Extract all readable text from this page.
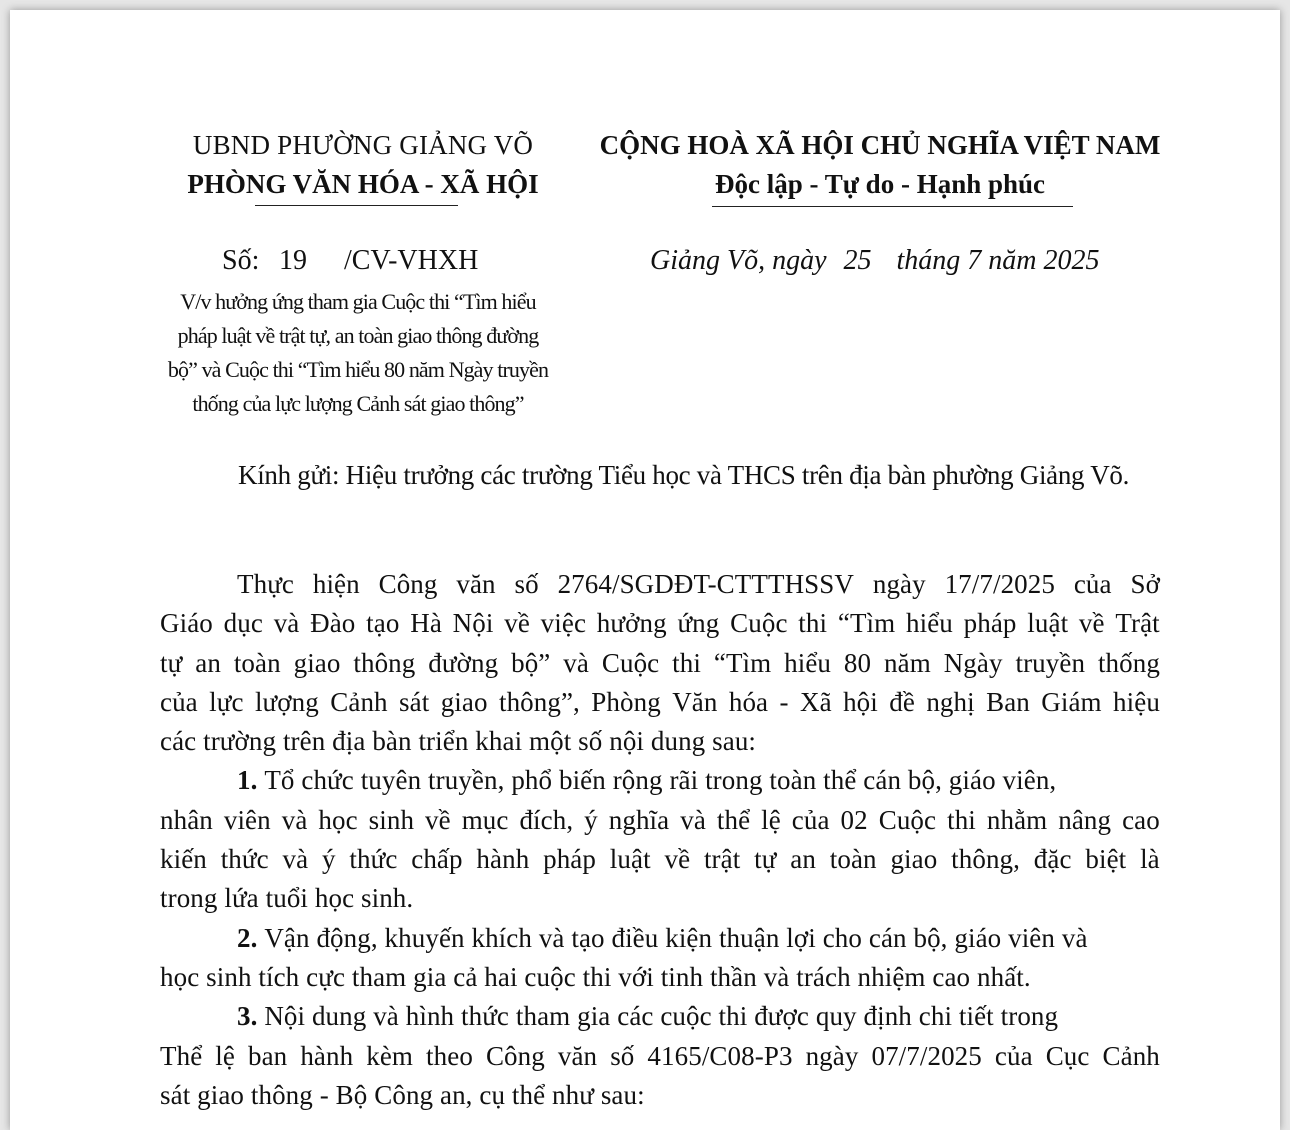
UBND PHƯỜNG GIẢNG VÕ
PHÒNG VĂN HÓA - XÃ HỘI
CỘNG HOÀ XÃ HỘI CHỦ NGHĨA VIỆT NAM
Độc lập - Tự do - Hạnh phúc
Số: 19 /CV-VHXH	Giảng Võ, ngày 25 tháng 7 năm 2025
V/v hưởng ứng tham gia Cuộc thi “Tìm hiểu
pháp luật về trật tự, an toàn giao thông đường
bộ” và Cuộc thi “Tìm hiểu 80 năm Ngày truyền
thống của lực lượng Cảnh sát giao thông”
Kính gửi: Hiệu trưởng các trường Tiểu học và THCS trên địa bàn phường Giảng Võ.
Thực hiện Công văn số 2764/SGDĐT-CTTTHSSV ngày 17/7/2025 của Sở
Giáo dục và Đào tạo Hà Nội về việc hưởng ứng Cuộc thi “Tìm hiểu pháp luật về Trật
tự an toàn giao thông đường bộ” và Cuộc thi “Tìm hiểu 80 năm Ngày truyền thống
của lực lượng Cảnh sát giao thông”, Phòng Văn hóa - Xã hội đề nghị Ban Giám hiệu
các trường trên địa bàn triển khai một số nội dung sau:
1.
Tổ chức tuyên truyền, phổ biến rộng rãi trong toàn thể cán bộ, giáo viên,
nhân viên và học sinh về mục đích, ý nghĩa và thể lệ của 02 Cuộc thi nhằm nâng cao
kiến thức và ý thức chấp hành pháp luật về trật tự an toàn giao thông, đặc biệt là
trong lứa tuổi học sinh.
2.
Vận động, khuyến khích và tạo điều kiện thuận lợi cho cán bộ, giáo viên và
học sinh tích cực tham gia cả hai cuộc thi với tinh thần và trách nhiệm cao nhất.
3.
Nội dung và hình thức tham gia các cuộc thi được quy định chi tiết trong
Thể lệ ban hành kèm theo Công văn số 4165/C08-P3 ngày 07/7/2025 của Cục Cảnh
sát giao thông - Bộ Công an, cụ thể như sau:
